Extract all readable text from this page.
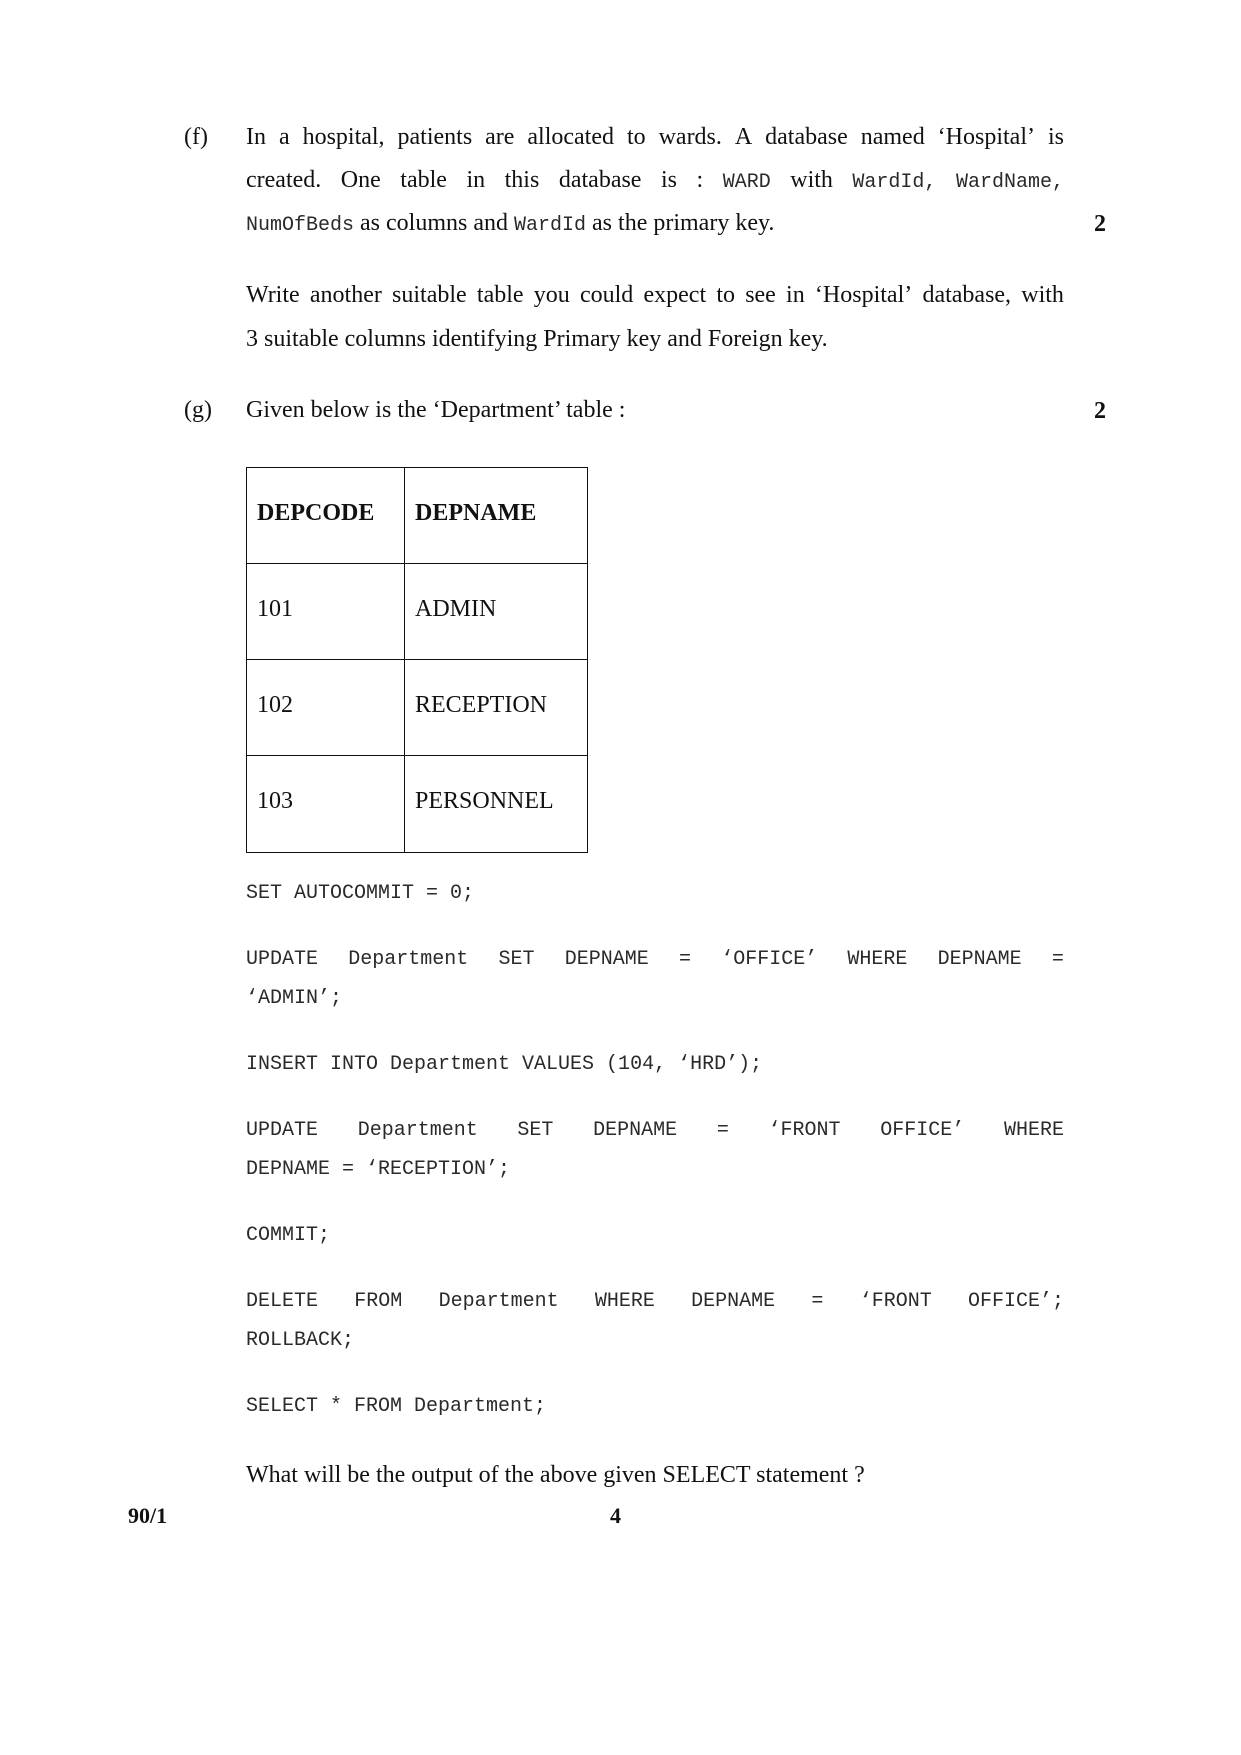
(f) In a hospital, patients are allocated to wards. A database named ‘Hospital’ is
created. One table in this database is : WARD with WardId, WardName,
NumOfBeds as columns and WardId as the primary key.	2
Write another suitable table you could expect to see in ‘Hospital’ database, with
3 suitable columns identifying Primary key and Foreign key.
(g) Given below is the ‘Department’ table :	2
DEPCODE DEPNAME
101	ADMIN
102	RECEPTION
103	PERSONNEL
SET AUTOCOMMIT = 0;
UPDATE Department SET DEPNAME = ‘OFFICE’ WHERE DEPNAME =
‘ADMIN’;
INSERT INTO Department VALUES (104, ‘HRD’);
UPDATE Department SET DEPNAME = ‘FRONT OFFICE’ WHERE
DEPNAME = ‘RECEPTION’;
COMMIT;
DELETE FROM Department WHERE DEPNAME = ‘FRONT OFFICE’;
ROLLBACK;
SELECT * FROM Department;
What will be the output of the above given SELECT statement ?
90/1	4
